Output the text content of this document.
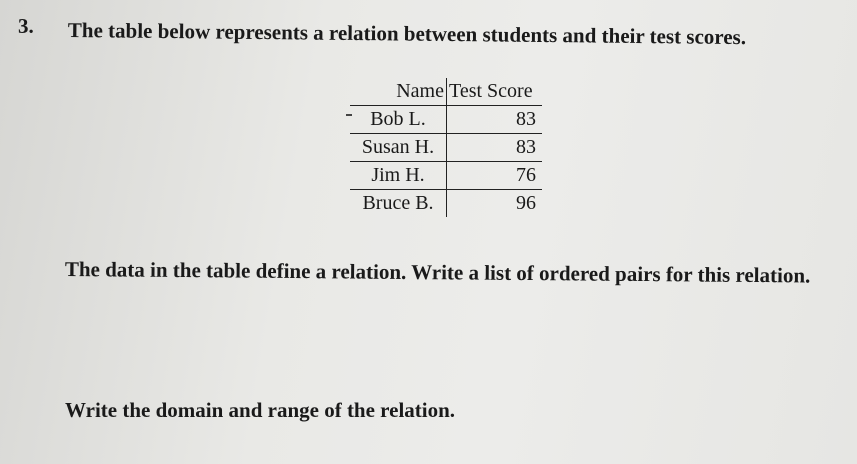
3. The table below represents a relation between students and their test scores.
Name	Test Score
Bob L.	83
Susan H.	83
Jim H.	76
Bruce B.	96
The data in the table define a relation. Write a list of ordered pairs for this relation.
Write the domain and range of the relation.
